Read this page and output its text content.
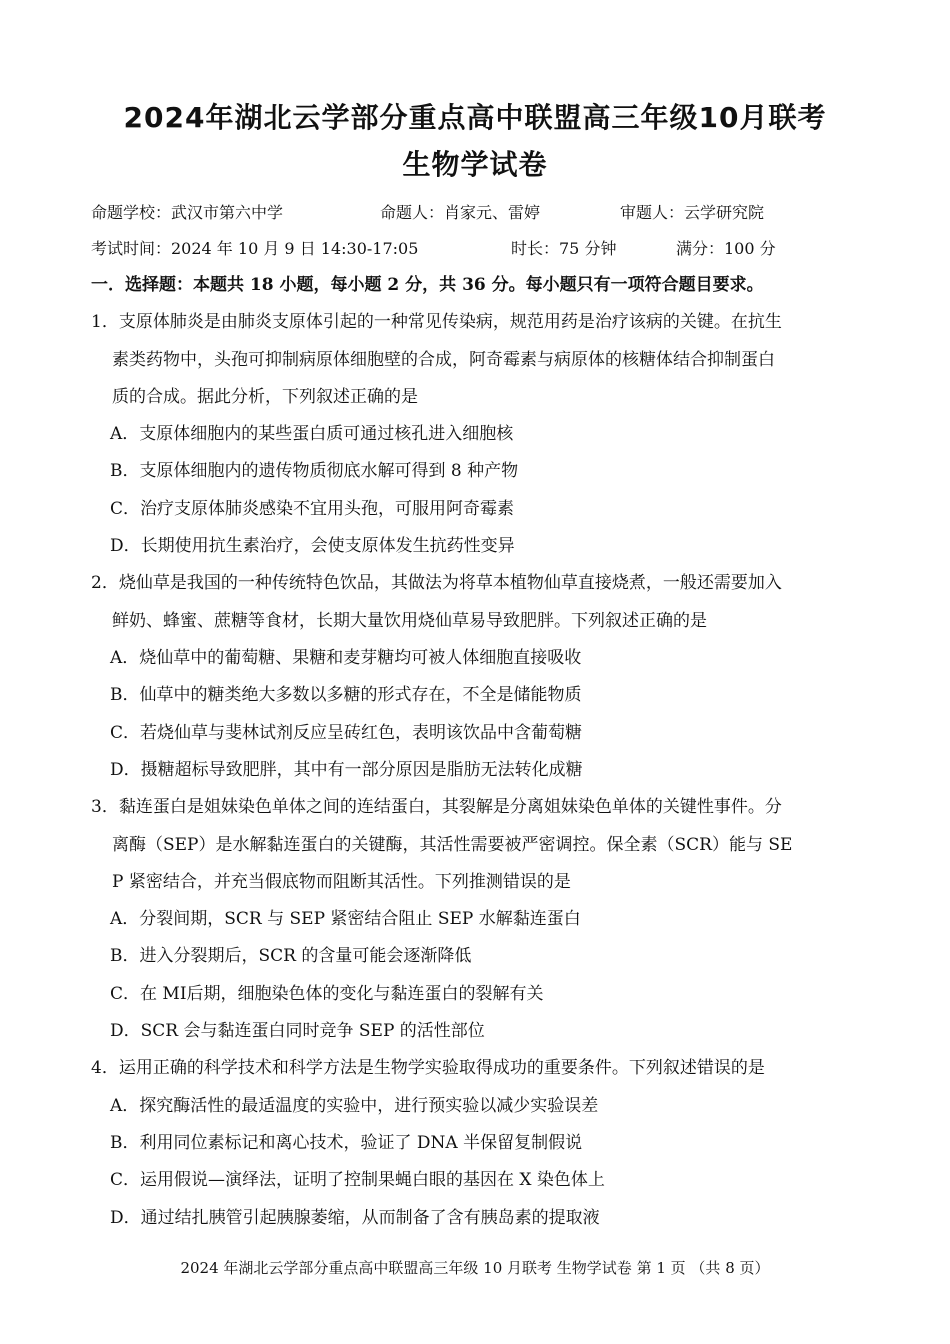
2024年湖北云学部分重点高中联盟高三年级10月联考
生物学试卷
命题学校：武汉市第六中学	命题人：肖家元、雷婷	审题人：云学研究院
考试时间：2024 年 10 月 9 日 14:30-17:05	时长：75 分钟	满分：100 分
一．选择题：本题共 18 小题，每小题 2 分，共 36 分。每小题只有一项符合题目要求。
1．支原体肺炎是由肺炎支原体引起的一种常见传染病，规范用药是治疗该病的关键。在抗生
素类药物中，头孢可抑制病原体细胞壁的合成，阿奇霉素与病原体的核糖体结合抑制蛋白
质的合成。据此分析，下列叙述正确的是
A．支原体细胞内的某些蛋白质可通过核孔进入细胞核
B．支原体细胞内的遗传物质彻底水解可得到 8 种产物
C．治疗支原体肺炎感染不宜用头孢，可服用阿奇霉素
D．长期使用抗生素治疗，会使支原体发生抗药性变异
2．烧仙草是我国的一种传统特色饮品，其做法为将草本植物仙草直接烧煮，一般还需要加入
鲜奶、蜂蜜、蔗糖等食材，长期大量饮用烧仙草易导致肥胖。下列叙述正确的是
A．烧仙草中的葡萄糖、果糖和麦芽糖均可被人体细胞直接吸收
B．仙草中的糖类绝大多数以多糖的形式存在，不全是储能物质
C．若烧仙草与斐林试剂反应呈砖红色，表明该饮品中含葡萄糖
D．摄糖超标导致肥胖，其中有一部分原因是脂肪无法转化成糖
3．黏连蛋白是姐妹染色单体之间的连结蛋白，其裂解是分离姐妹染色单体的关键性事件。分
离酶（SEP）是水解黏连蛋白的关键酶，其活性需要被严密调控。保全素（SCR）能与 SE
P 紧密结合，并充当假底物而阻断其活性。下列推测错误的是
A．分裂间期，SCR 与 SEP 紧密结合阻止 SEP 水解黏连蛋白
B．进入分裂期后，SCR 的含量可能会逐渐降低
C．在 MI后期，细胞染色体的变化与黏连蛋白的裂解有关
D．SCR 会与黏连蛋白同时竞争 SEP 的活性部位
4．运用正确的科学技术和科学方法是生物学实验取得成功的重要条件。下列叙述错误的是
A．探究酶活性的最适温度的实验中，进行预实验以减少实验误差
B．利用同位素标记和离心技术，验证了 DNA 半保留复制假说
C．运用假说—演绎法，证明了控制果蝇白眼的基因在 X 染色体上
D．通过结扎胰管引起胰腺萎缩，从而制备了含有胰岛素的提取液
2024 年湖北云学部分重点高中联盟高三年级 10 月联考 生物学试卷 第 1 页 （共 8 页）
